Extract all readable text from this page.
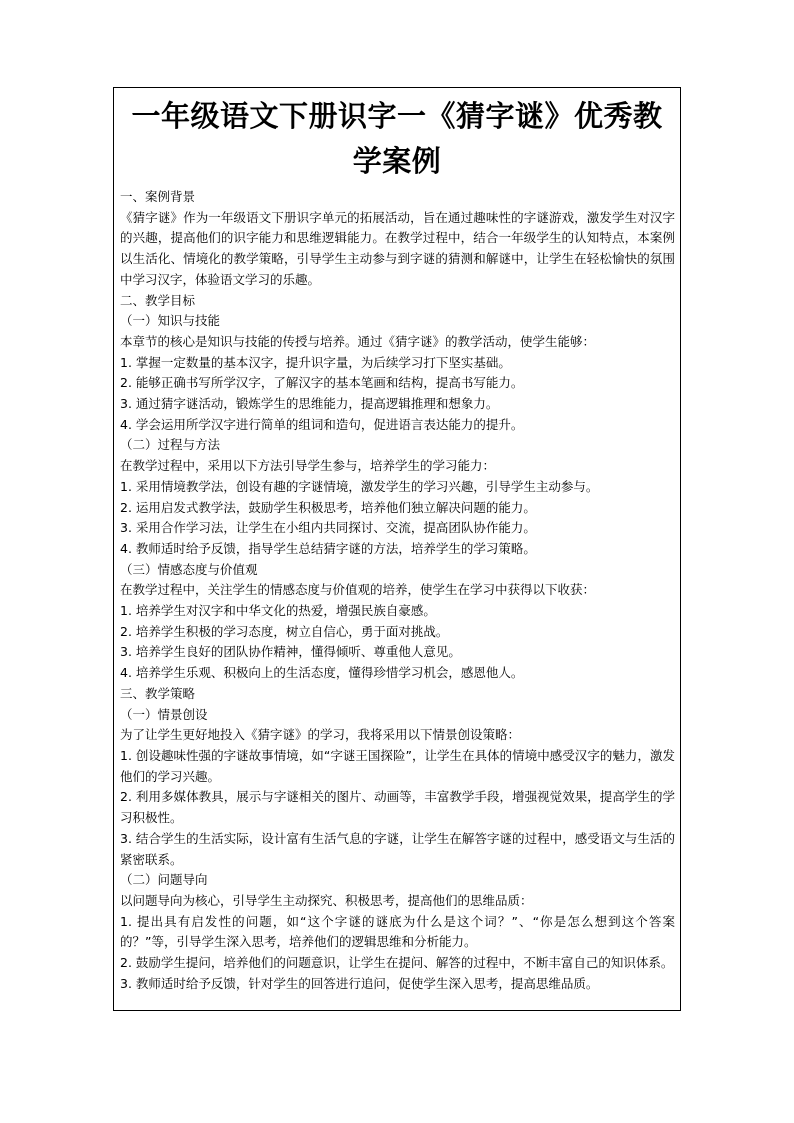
一年级语文下册识字一《猜字谜》优秀教学案例

一、案例背景

《猜字谜》作为一年级语文下册识字单元的拓展活动，旨在通过趣味性的字谜游戏，激发学生对汉字的兴趣，提高他们的识字能力和思维逻辑能力。在教学过程中，结合一年级学生的认知特点，本案例以生活化、情境化的教学策略，引导学生主动参与到字谜的猜测和解谜中，让学生在轻松愉快的氛围中学习汉字，体验语文学习的乐趣。

二、教学目标

（一）知识与技能

本章节的核心是知识与技能的传授与培养。通过《猜字谜》的教学活动，使学生能够：

1. 掌握一定数量的基本汉字，提升识字量，为后续学习打下坚实基础。

2. 能够正确书写所学汉字，了解汉字的基本笔画和结构，提高书写能力。

3. 通过猜字谜活动，锻炼学生的思维能力，提高逻辑推理和想象力。

4. 学会运用所学汉字进行简单的组词和造句，促进语言表达能力的提升。

（二）过程与方法

在教学过程中，采用以下方法引导学生参与，培养学生的学习能力：

1. 采用情境教学法，创设有趣的字谜情境，激发学生的学习兴趣，引导学生主动参与。

2. 运用启发式教学法，鼓励学生积极思考，培养他们独立解决问题的能力。

3. 采用合作学习法，让学生在小组内共同探讨、交流，提高团队协作能力。

4. 教师适时给予反馈，指导学生总结猜字谜的方法，培养学生的学习策略。

（三）情感态度与价值观

在教学过程中，关注学生的情感态度与价值观的培养，使学生在学习中获得以下收获：

1. 培养学生对汉字和中华文化的热爱，增强民族自豪感。

2. 培养学生积极的学习态度，树立自信心，勇于面对挑战。

3. 培养学生良好的团队协作精神，懂得倾听、尊重他人意见。

4. 培养学生乐观、积极向上的生活态度，懂得珍惜学习机会，感恩他人。

三、教学策略

（一）情景创设

为了让学生更好地投入《猜字谜》的学习，我将采用以下情景创设策略：

1. 创设趣味性强的字谜故事情境，如“字谜王国探险”，让学生在具体的情境中感受汉字的魅力，激发他们的学习兴趣。

2. 利用多媒体教具，展示与字谜相关的图片、动画等，丰富教学手段，增强视觉效果，提高学生的学习积极性。

3. 结合学生的生活实际，设计富有生活气息的字谜，让学生在解答字谜的过程中，感受语文与生活的紧密联系。

（二）问题导向

以问题导向为核心，引导学生主动探究、积极思考，提高他们的思维品质：

1. 提出具有启发性的问题，如“这个字谜的谜底为什么是这个词？”、“你是怎么想到这个答案的？”等，引导学生深入思考，培养他们的逻辑思维和分析能力。

2. 鼓励学生提问，培养他们的问题意识，让学生在提问、解答的过程中，不断丰富自己的知识体系。

3. 教师适时给予反馈，针对学生的回答进行追问，促使学生深入思考，提高思维品质。
